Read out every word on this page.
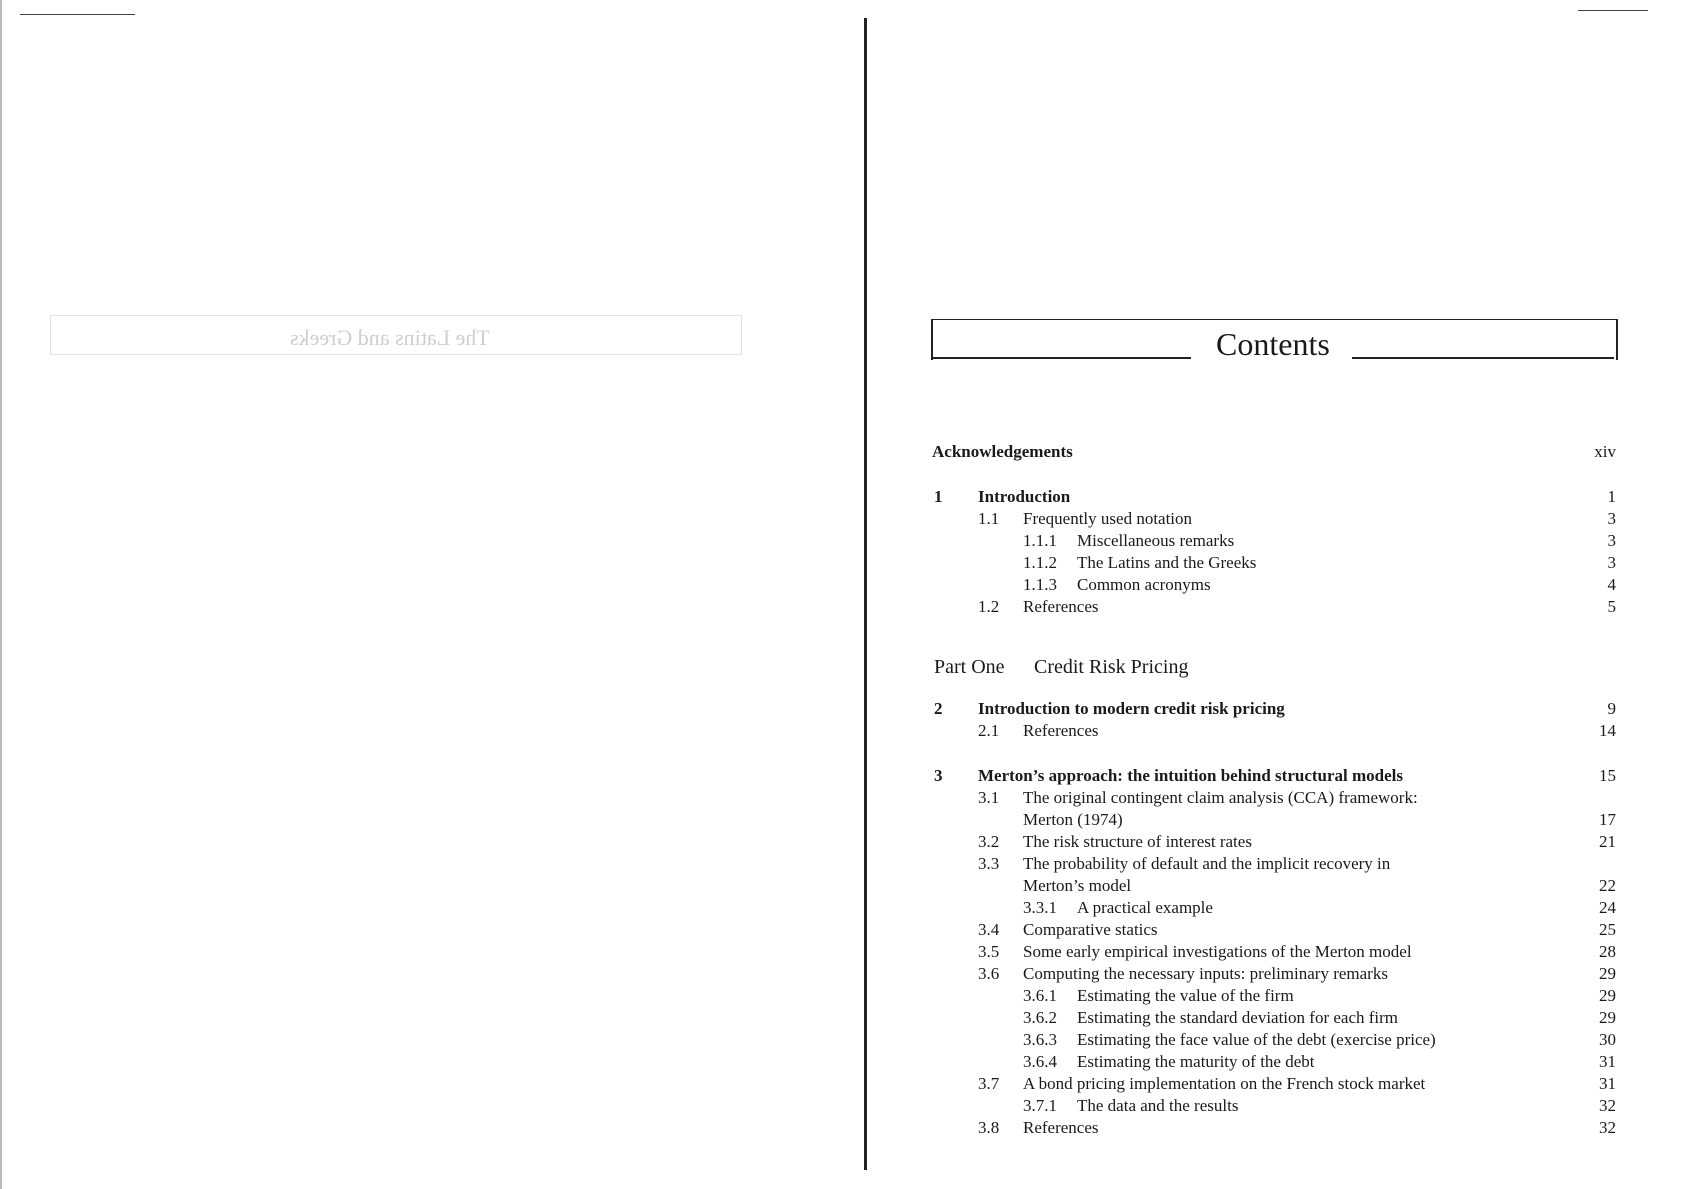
The Latins and Greeks	Contents
Part One Credit Risk Pricing
Acknowledgements	xiv
1 Introduction	1
1.1 Frequently used notation	3
1.1.1 Miscellaneous remarks	3
1.1.2 The Latins and the Greeks	3
1.1.3 Common acronyms	4
1.2 References	5
2 Introduction to modern credit risk pricing	9
2.1 References	14
3 Merton’s approach: the intuition behind structural models	15
3.1 The original contingent claim analysis (CCA) framework:
Merton (1974)	17
3.2 The risk structure of interest rates	21
3.3 The probability of default and the implicit recovery in
Merton’s model	22
3.3.1 A practical example	24
3.4 Comparative statics	25
3.5 Some early empirical investigations of the Merton model	28
3.6 Computing the necessary inputs: preliminary remarks	29
3.6.1 Estimating the value of the firm	29
3.6.2 Estimating the standard deviation for each firm	29
3.6.3 Estimating the face value of the debt (exercise price)	30
3.6.4 Estimating the maturity of the debt	31
3.7 A bond pricing implementation on the French stock market	31
3.7.1 The data and the results	32
3.8 References	32
